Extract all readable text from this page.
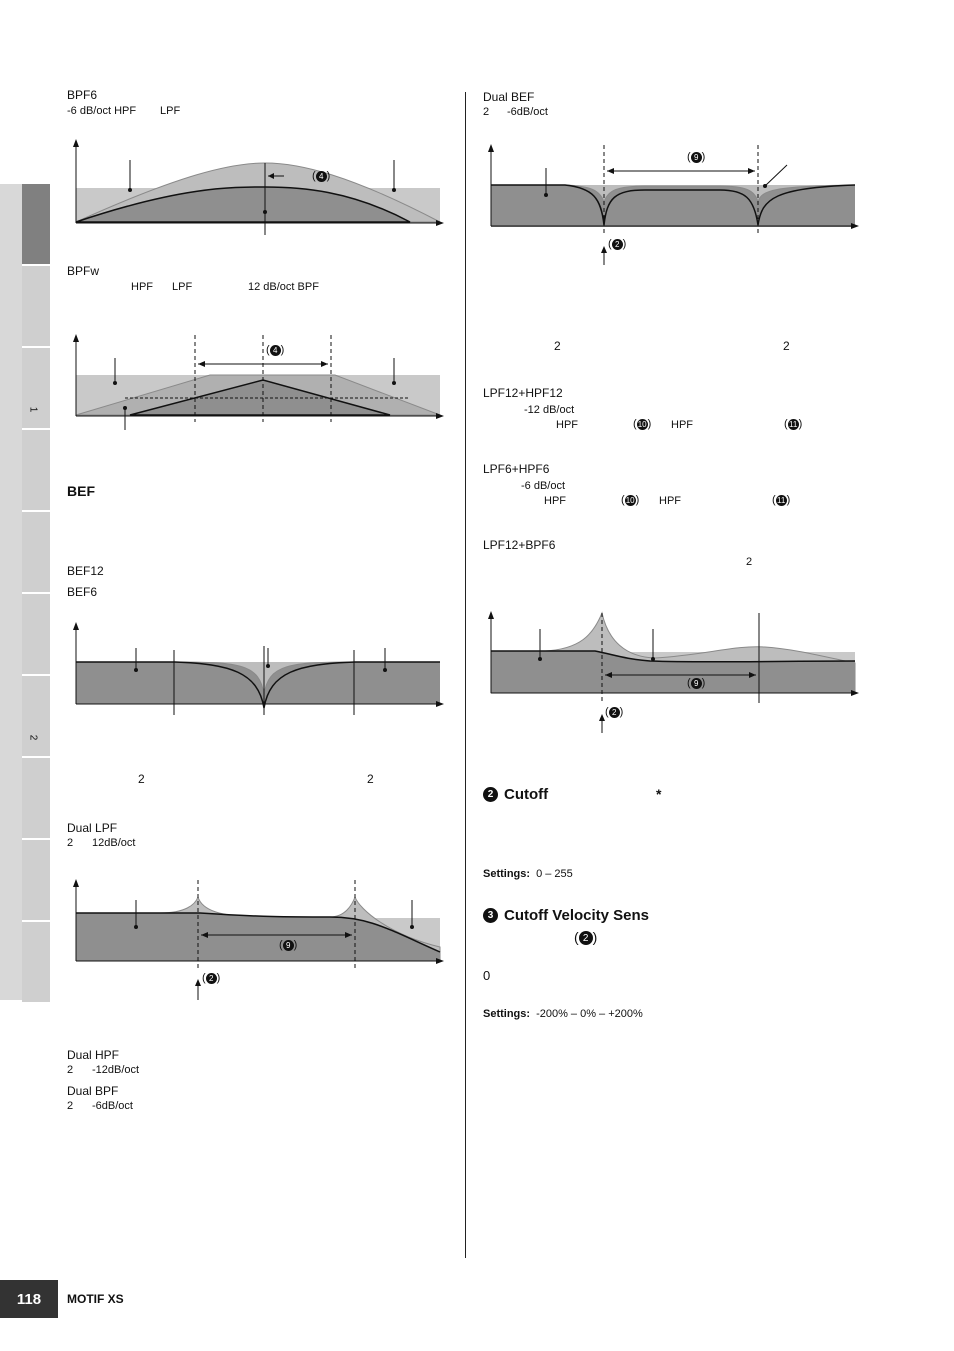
1
2
BPF6
-6 dB/oct HPF LPF
( 4 )
BPFw
HPF LPF	12 dB/oct BPF
( 4 )
BEF
BEF12
BEF6
2	2
Dual LPF
2 12dB/oct
( 9 )
( 2 )
Dual HPF
2 -12dB/oct
Dual BPF
2 -6dB/oct
Dual BEF
2 -6dB/oct
( 9 )
( 2 )
2	2
LPF12+HPF12
-12 dB/oct
HPF	(10) HPF	(11)
LPF6+HPF6
-6 dB/oct
HPF	(10) HPF	(11)
LPF12+BPF6
2
( 9 )
( 2 )
2 Cutoff	*
Settings: 0 – 255
3 Cutoff Velocity Sens
( 2 )
0
Settings: -200% – 0% – +200%
118	MOTIF XS
